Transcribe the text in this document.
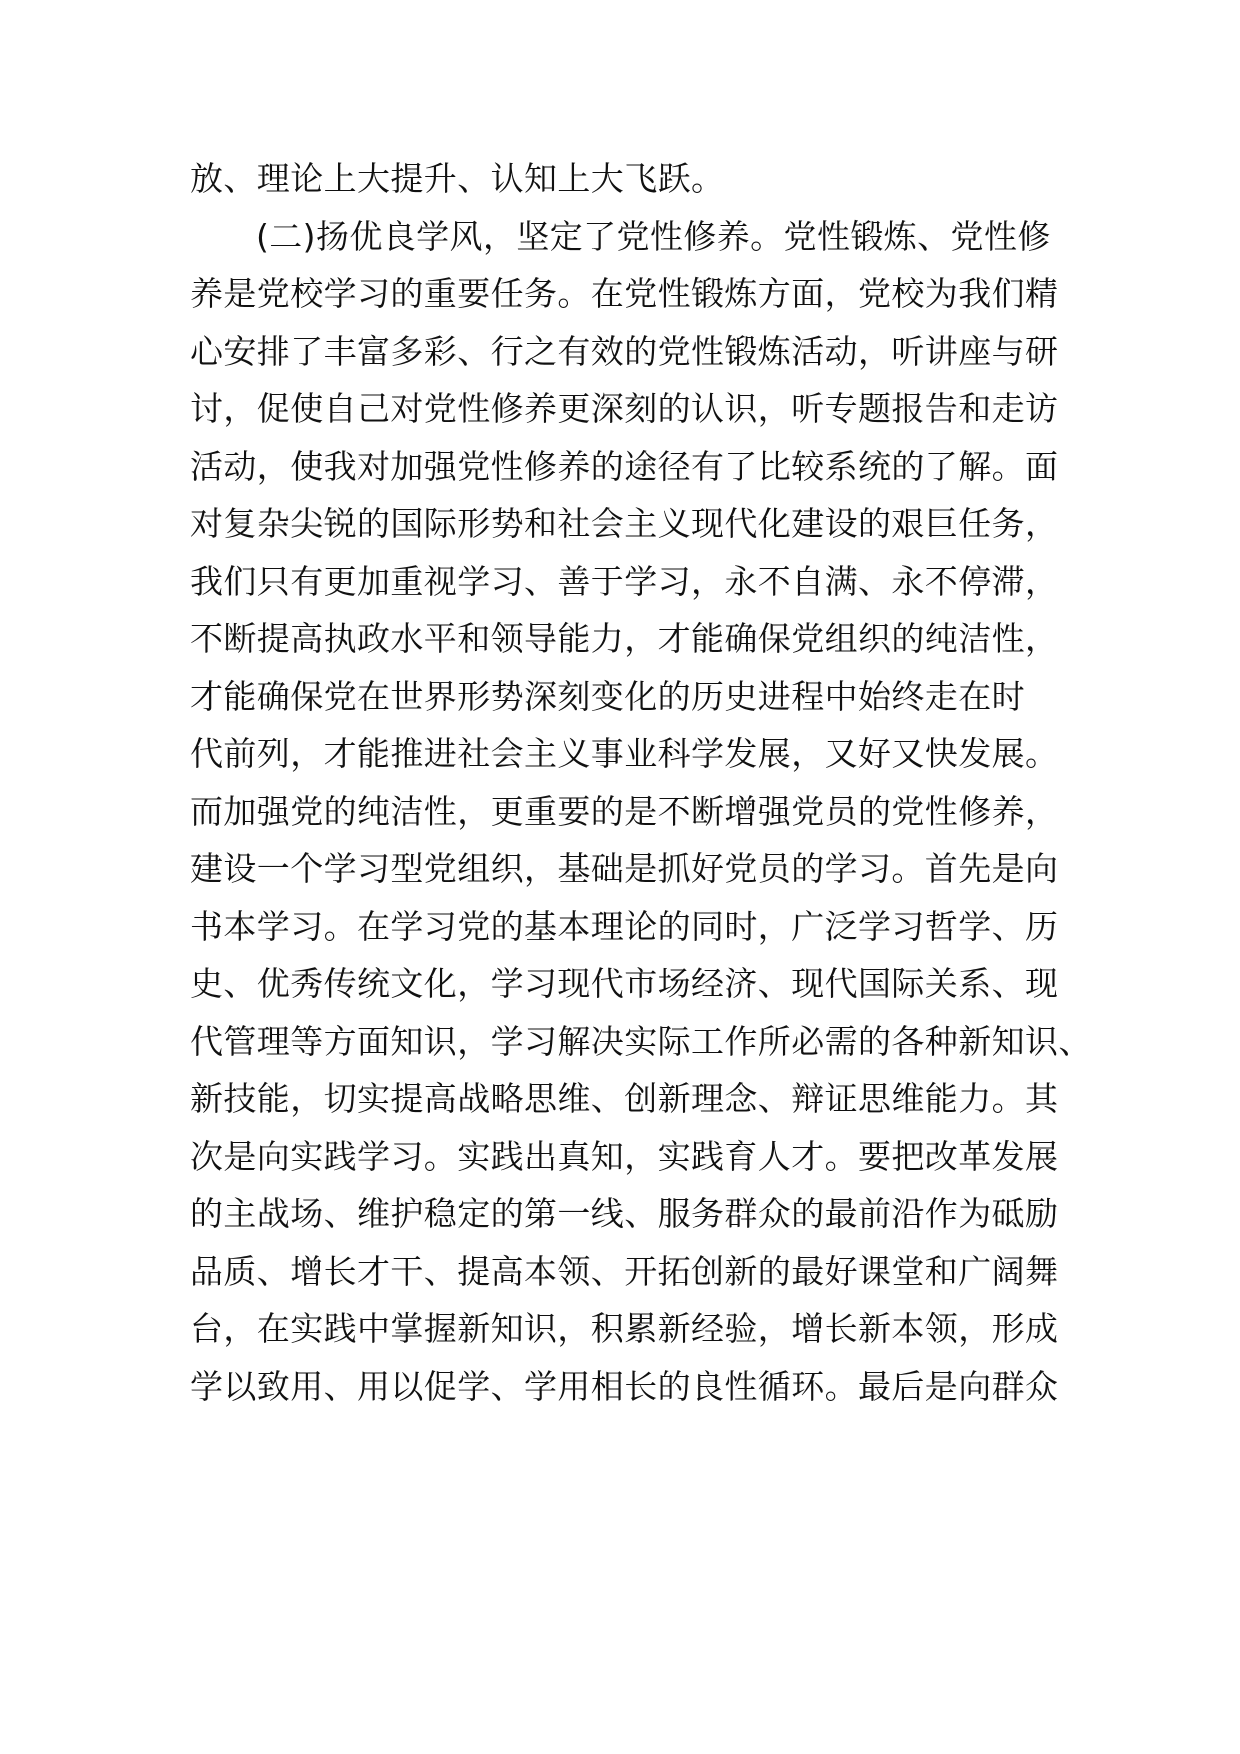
放、理论上大提升、认知上大飞跃。
(二)扬优良学风，坚定了党性修养。党性锻炼、党性修
养是党校学习的重要任务。在党性锻炼方面，党校为我们精
心安排了丰富多彩、行之有效的党性锻炼活动，听讲座与研
讨，促使自己对党性修养更深刻的认识，听专题报告和走访
活动，使我对加强党性修养的途径有了比较系统的了解。面
对复杂尖锐的国际形势和社会主义现代化建设的艰巨任务，
我们只有更加重视学习、善于学习，永不自满、永不停滞，
不断提高执政水平和领导能力，才能确保党组织的纯洁性，
才能确保党在世界形势深刻变化的历史进程中始终走在时
代前列，才能推进社会主义事业科学发展，又好又快发展。
而加强党的纯洁性，更重要的是不断增强党员的党性修养，
建设一个学习型党组织，基础是抓好党员的学习。首先是向
书本学习。在学习党的基本理论的同时，广泛学习哲学、历
史、优秀传统文化，学习现代市场经济、现代国际关系、现
代管理等方面知识，学习解决实际工作所必需的各种新知识、
新技能，切实提高战略思维、创新理念、辩证思维能力。其
次是向实践学习。实践出真知，实践育人才。要把改革发展
的主战场、维护稳定的第一线、服务群众的最前沿作为砥励
品质、增长才干、提高本领、开拓创新的最好课堂和广阔舞
台，在实践中掌握新知识，积累新经验，增长新本领，形成
学以致用、用以促学、学用相长的良性循环。最后是向群众
